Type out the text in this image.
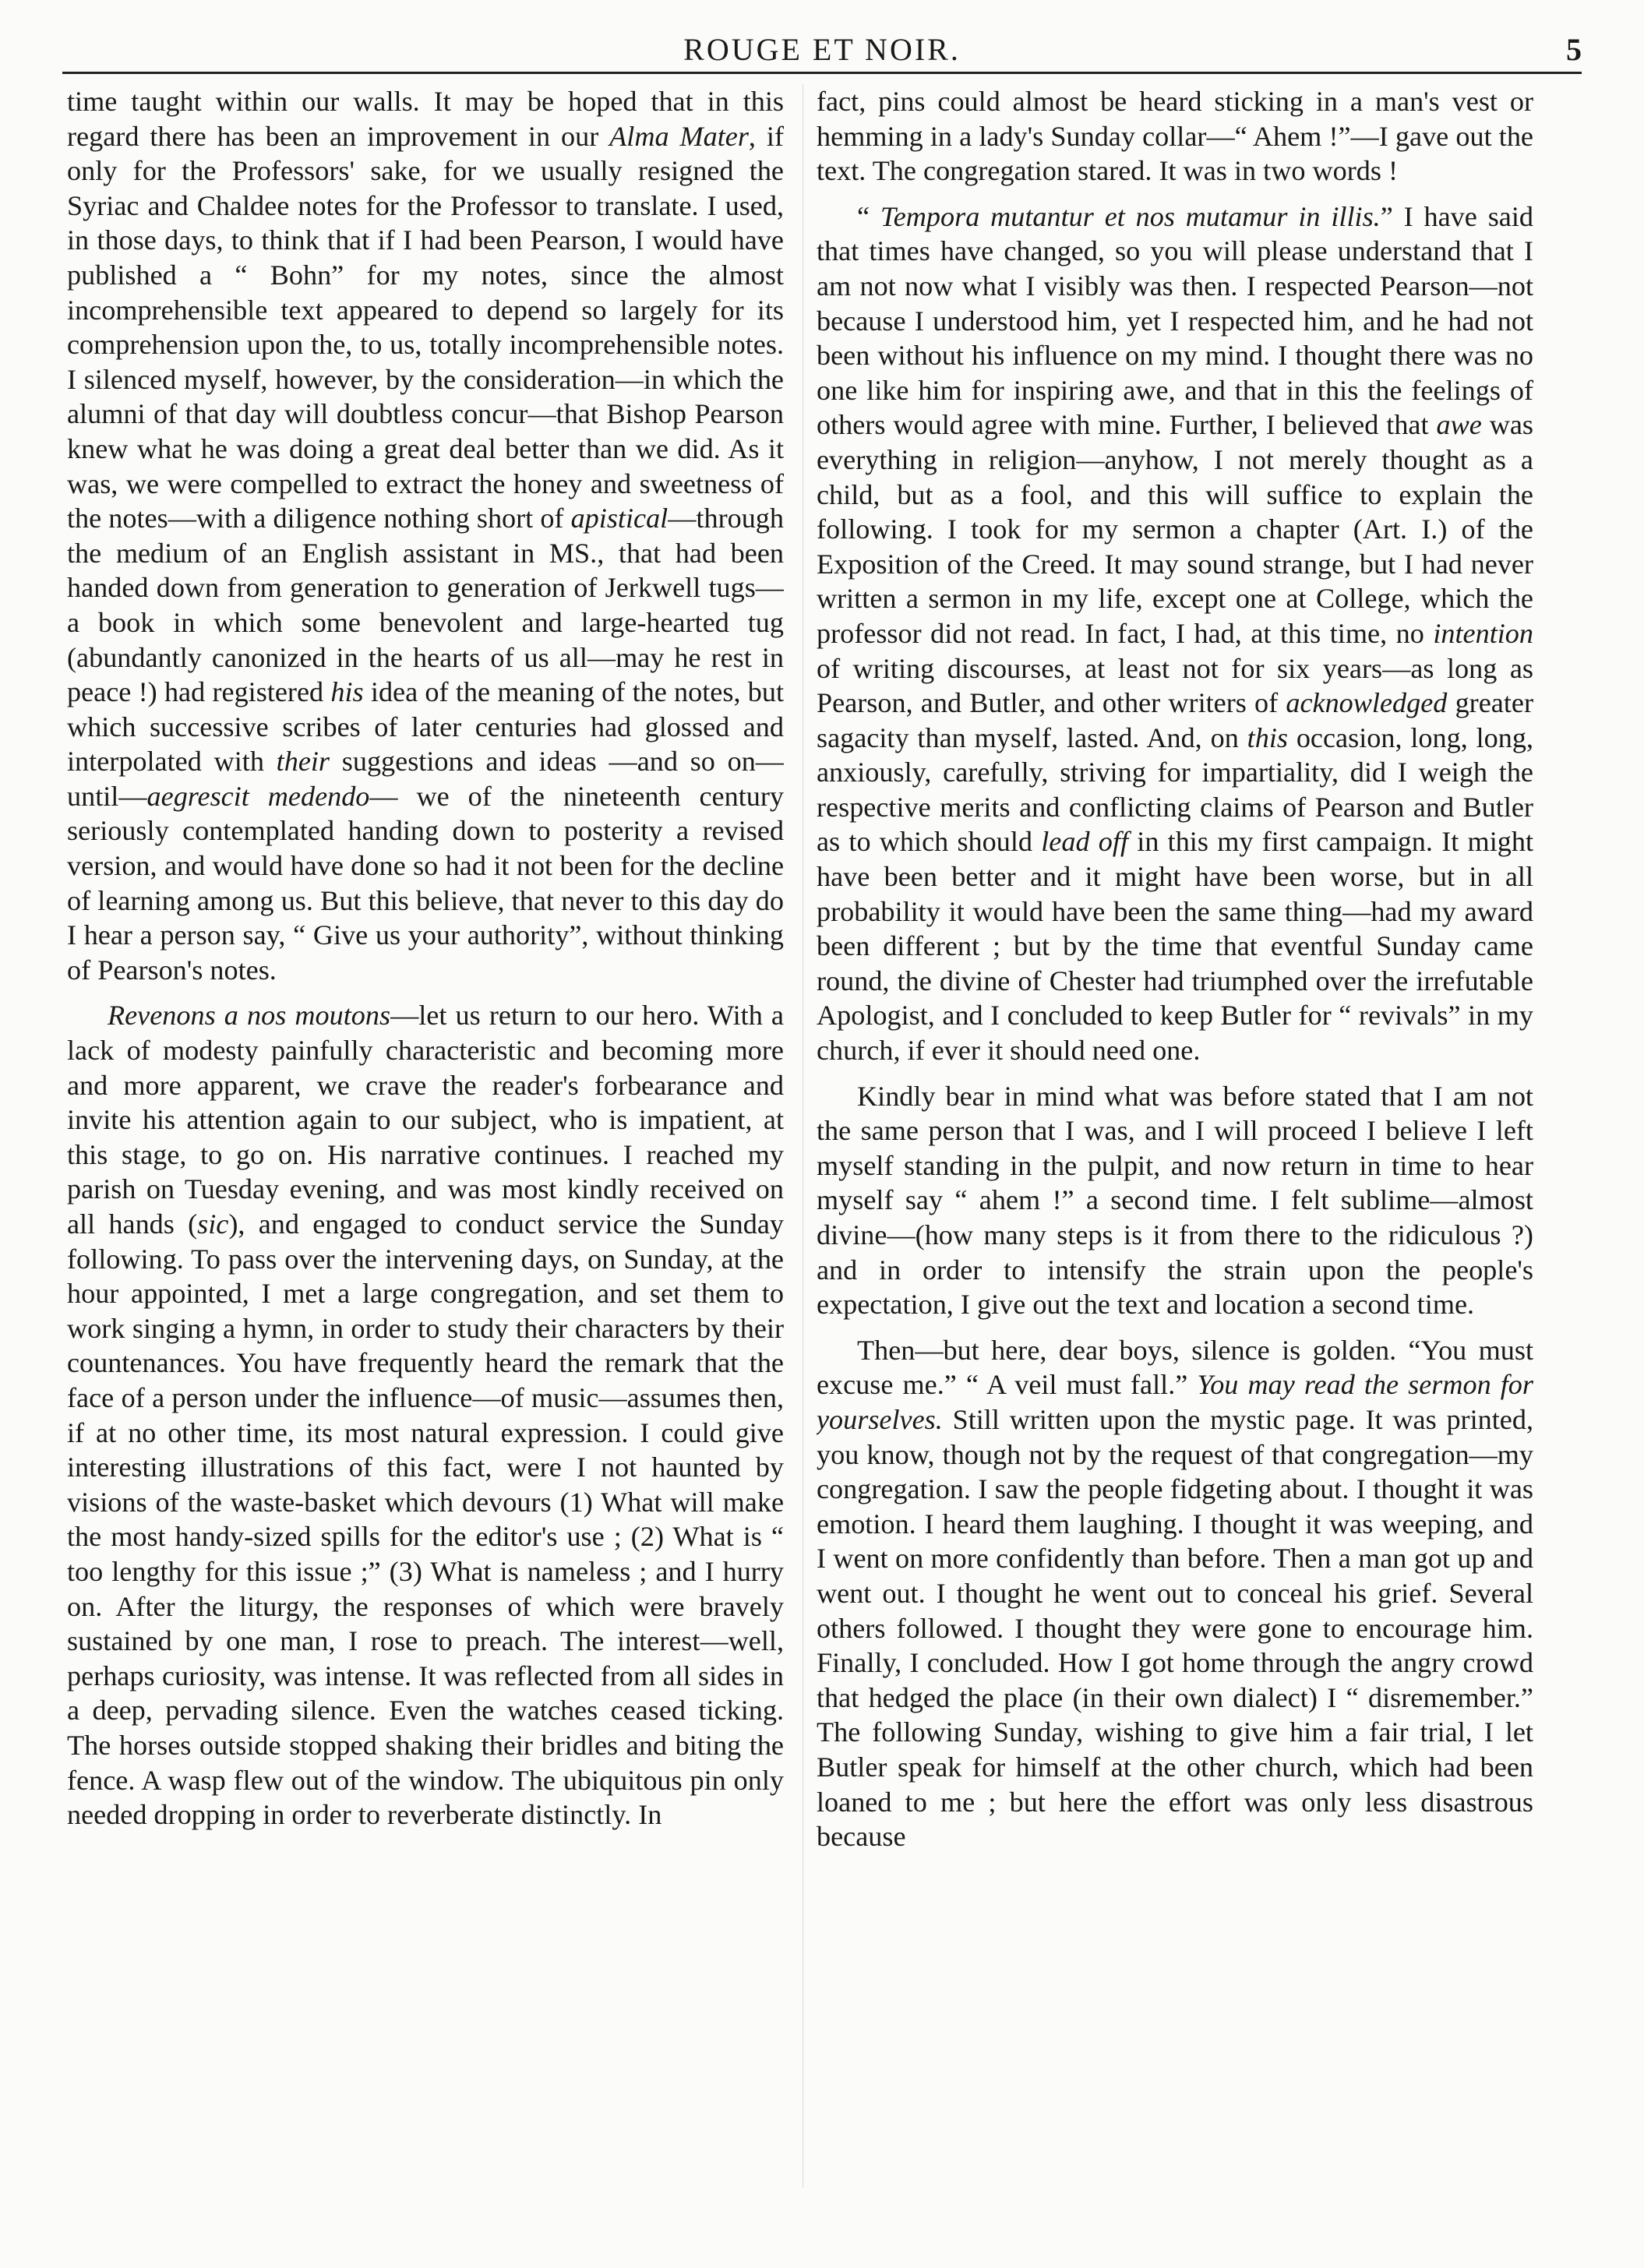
ROUGE ET NOIR.	5

time taught within our walls. It may be hoped that in this regard there has been an improvement in our Alma Mater, if only for the Professors' sake, for we usually resigned the Syriac and Chaldee notes for the Professor to translate. I used, in those days, to think that if I had been Pearson, I would have published a “ Bohn” for my notes, since the almost incomprehensible text appeared to depend so largely for its comprehension upon the, to us, totally incomprehensible notes. I silenced myself, however, by the consideration—in which the alumni of that day will doubtless concur—that Bishop Pearson knew what he was doing a great deal better than we did. As it was, we were compelled to extract the honey and sweetness of the notes—with a diligence nothing short of apistical—through the medium of an English assistant in MS., that had been handed down from generation to generation of Jerkwell tugs—a book in which some benevolent and large-hearted tug (abundantly canonized in the hearts of us all—may he rest in peace !) had registered his idea of the meaning of the notes, but which successive scribes of later centuries had glossed and interpolated with their suggestions and ideas —and so on—until—aegrescit medendo— we of the nineteenth century seriously contemplated handing down to posterity a revised version, and would have done so had it not been for the decline of learning among us. But this believe, that never to this day do I hear a person say, “ Give us your authority”, without thinking of Pearson's notes.

Revenons a nos moutons—let us return to our hero. With a lack of modesty painfully characteristic and becoming more and more apparent, we crave the reader's forbearance and invite his attention again to our subject, who is impatient, at this stage, to go on. His narrative continues. I reached my parish on Tuesday evening, and was most kindly received on all hands (sic), and engaged to conduct service the Sunday following. To pass over the intervening days, on Sunday, at the hour appointed, I met a large congregation, and set them to work singing a hymn, in order to study their characters by their countenances. You have frequently heard the remark that the face of a person under the influence—of music—assumes then, if at no other time, its most natural expression. I could give interesting illustrations of this fact, were I not haunted by visions of the waste-basket which devours (1) What will make the most handy-sized spills for the editor's use ; (2) What is “ too lengthy for this issue ;” (3) What is nameless ; and I hurry on. After the liturgy, the responses of which were bravely sustained by one man, I rose to preach. The interest—well, perhaps curiosity, was intense. It was reflected from all sides in a deep, pervading silence. Even the watches ceased ticking. The horses outside stopped shaking their bridles and biting the fence. A wasp flew out of the window. The ubiquitous pin only needed dropping in order to reverberate distinctly. In

fact, pins could almost be heard sticking in a man's vest or hemming in a lady's Sunday collar—“ Ahem !”—I gave out the text. The congregation stared. It was in two words !

“ Tempora mutantur et nos mutamur in illis.” I have said that times have changed, so you will please understand that I am not now what I visibly was then. I respected Pearson—not because I understood him, yet I respected him, and he had not been without his influence on my mind. I thought there was no one like him for inspiring awe, and that in this the feelings of others would agree with mine. Further, I believed that awe was everything in religion—anyhow, I not merely thought as a child, but as a fool, and this will suffice to explain the following. I took for my sermon a chapter (Art. I.) of the Exposition of the Creed. It may sound strange, but I had never written a sermon in my life, except one at College, which the professor did not read. In fact, I had, at this time, no intention of writing discourses, at least not for six years—as long as Pearson, and Butler, and other writers of acknowledged greater sagacity than myself, lasted. And, on this occasion, long, long, anxiously, carefully, striving for impartiality, did I weigh the respective merits and conflicting claims of Pearson and Butler as to which should lead off in this my first campaign. It might have been better and it might have been worse, but in all probability it would have been the same thing—had my award been different ; but by the time that eventful Sunday came round, the divine of Chester had triumphed over the irrefutable Apologist, and I concluded to keep Butler for “ revivals” in my church, if ever it should need one.

Kindly bear in mind what was before stated that I am not the same person that I was, and I will proceed I believe I left myself standing in the pulpit, and now return in time to hear myself say “ ahem !” a second time. I felt sublime—almost divine—(how many steps is it from there to the ridiculous ?) and in order to intensify the strain upon the people's expectation, I give out the text and location a second time.

Then—but here, dear boys, silence is golden. “You must excuse me.” “ A veil must fall.” You may read the sermon for yourselves. Still written upon the mystic page. It was printed, you know, though not by the request of that congregation—my congregation. I saw the people fidgeting about. I thought it was emotion. I heard them laughing. I thought it was weeping, and I went on more confidently than before. Then a man got up and went out. I thought he went out to conceal his grief. Several others followed. I thought they were gone to encourage him. Finally, I concluded. How I got home through the angry crowd that hedged the place (in their own dialect) I “ disremember.” The following Sunday, wishing to give him a fair trial, I let Butler speak for himself at the other church, which had been loaned to me ; but here the effort was only less disastrous because
